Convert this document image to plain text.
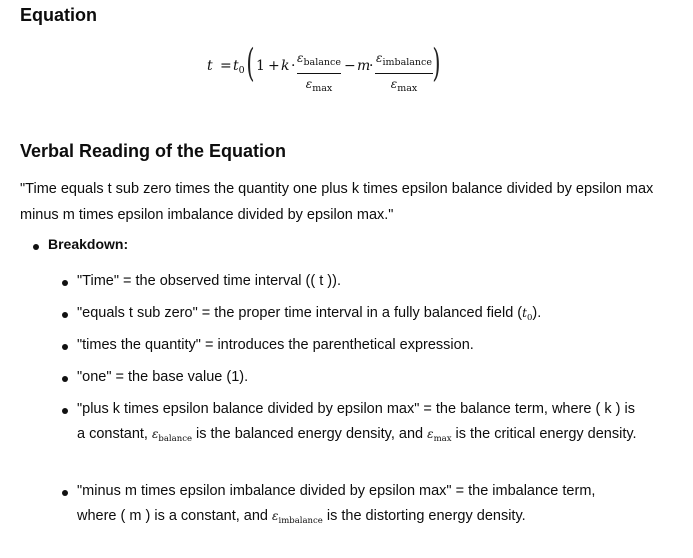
Equation
$t = t_0$ ( $1 + k \cdot \varepsilon_{balance}$
$\varepsilon_{max}$
− m
· $\varepsilon_{imbalance}$
$\varepsilon_{max}$
)
Verbal Reading of the Equation
"Time equals t sub zero times the quantity one plus k times epsilon balance divided by epsilon max minus m times epsilon imbalance divided by epsilon max."
Breakdown:
"Time" = the observed time interval (( t )).
"equals t sub zero" = the proper time interval in a fully balanced field $(t_0)$.
"times the quantity" = introduces the parenthetical expression.
"one" = the base value (1).
"plus k times epsilon balance divided by epsilon max" = the balance term, where ( k ) is a constant, $\varepsilon_{balance}$ is the balanced energy density, and $\varepsilon_{max}$ is the critical energy density.
"minus m times epsilon imbalance divided by epsilon max" = the imbalance term, where ( m ) is a constant, and $\varepsilon_{imbalance}$ is the distorting energy density.
